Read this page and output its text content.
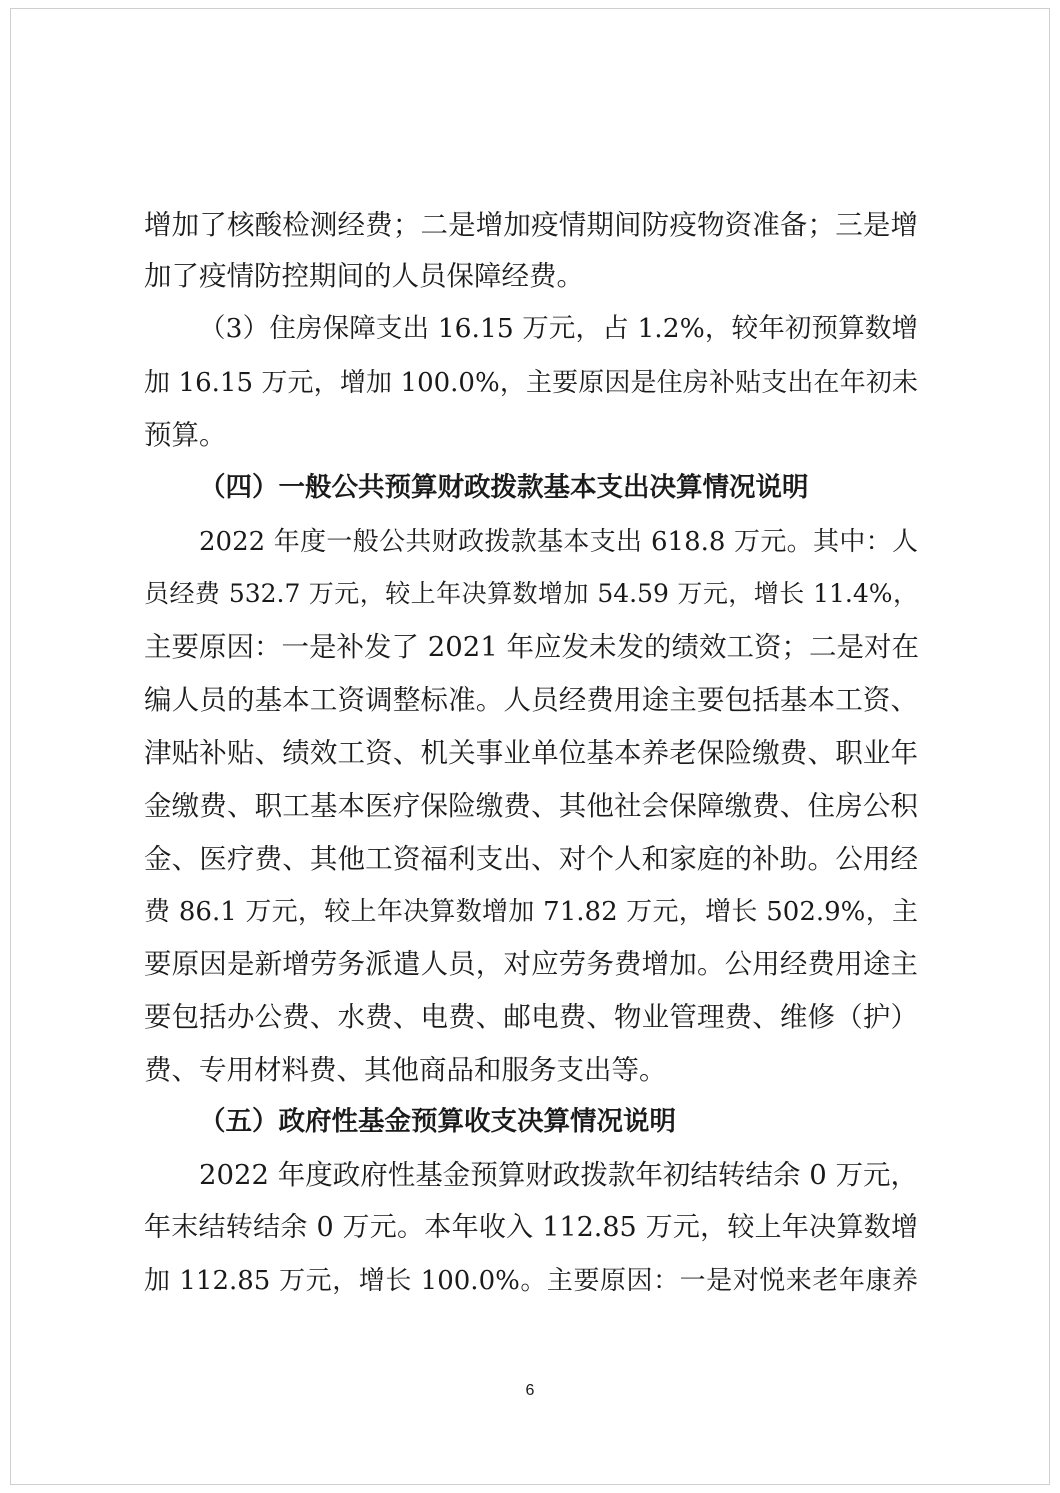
增加了核酸检测经费；二是增加疫情期间防疫物资准备；三是增
加了疫情防控期间的人员保障经费。
（3）住房保障支出 16.15 万元，占 1.2%，较年初预算数增
加 16.15 万元，增加 100.0%，主要原因是住房补贴支出在年初未
预算。
（四）一般公共预算财政拨款基本支出决算情况说明
2022 年度一般公共财政拨款基本支出 618.8 万元。其中：人
员经费 532.7 万元，较上年决算数增加 54.59 万元，增长 11.4%，
主要原因：一是补发了 2021 年应发未发的绩效工资；二是对在
编人员的基本工资调整标准。人员经费用途主要包括基本工资、
津贴补贴、绩效工资、机关事业单位基本养老保险缴费、职业年
金缴费、职工基本医疗保险缴费、其他社会保障缴费、住房公积
金、医疗费、其他工资福利支出、对个人和家庭的补助。公用经
费 86.1 万元，较上年决算数增加 71.82 万元，增长 502.9%，主
要原因是新增劳务派遣人员，对应劳务费增加。公用经费用途主
要包括办公费、水费、电费、邮电费、物业管理费、维修（护）
费、专用材料费、其他商品和服务支出等。
（五）政府性基金预算收支决算情况说明
2022 年度政府性基金预算财政拨款年初结转结余 0 万元，
年末结转结余 0 万元。本年收入 112.85 万元，较上年决算数增
加 112.85 万元，增长 100.0%。主要原因：一是对悦来老年康养
6
